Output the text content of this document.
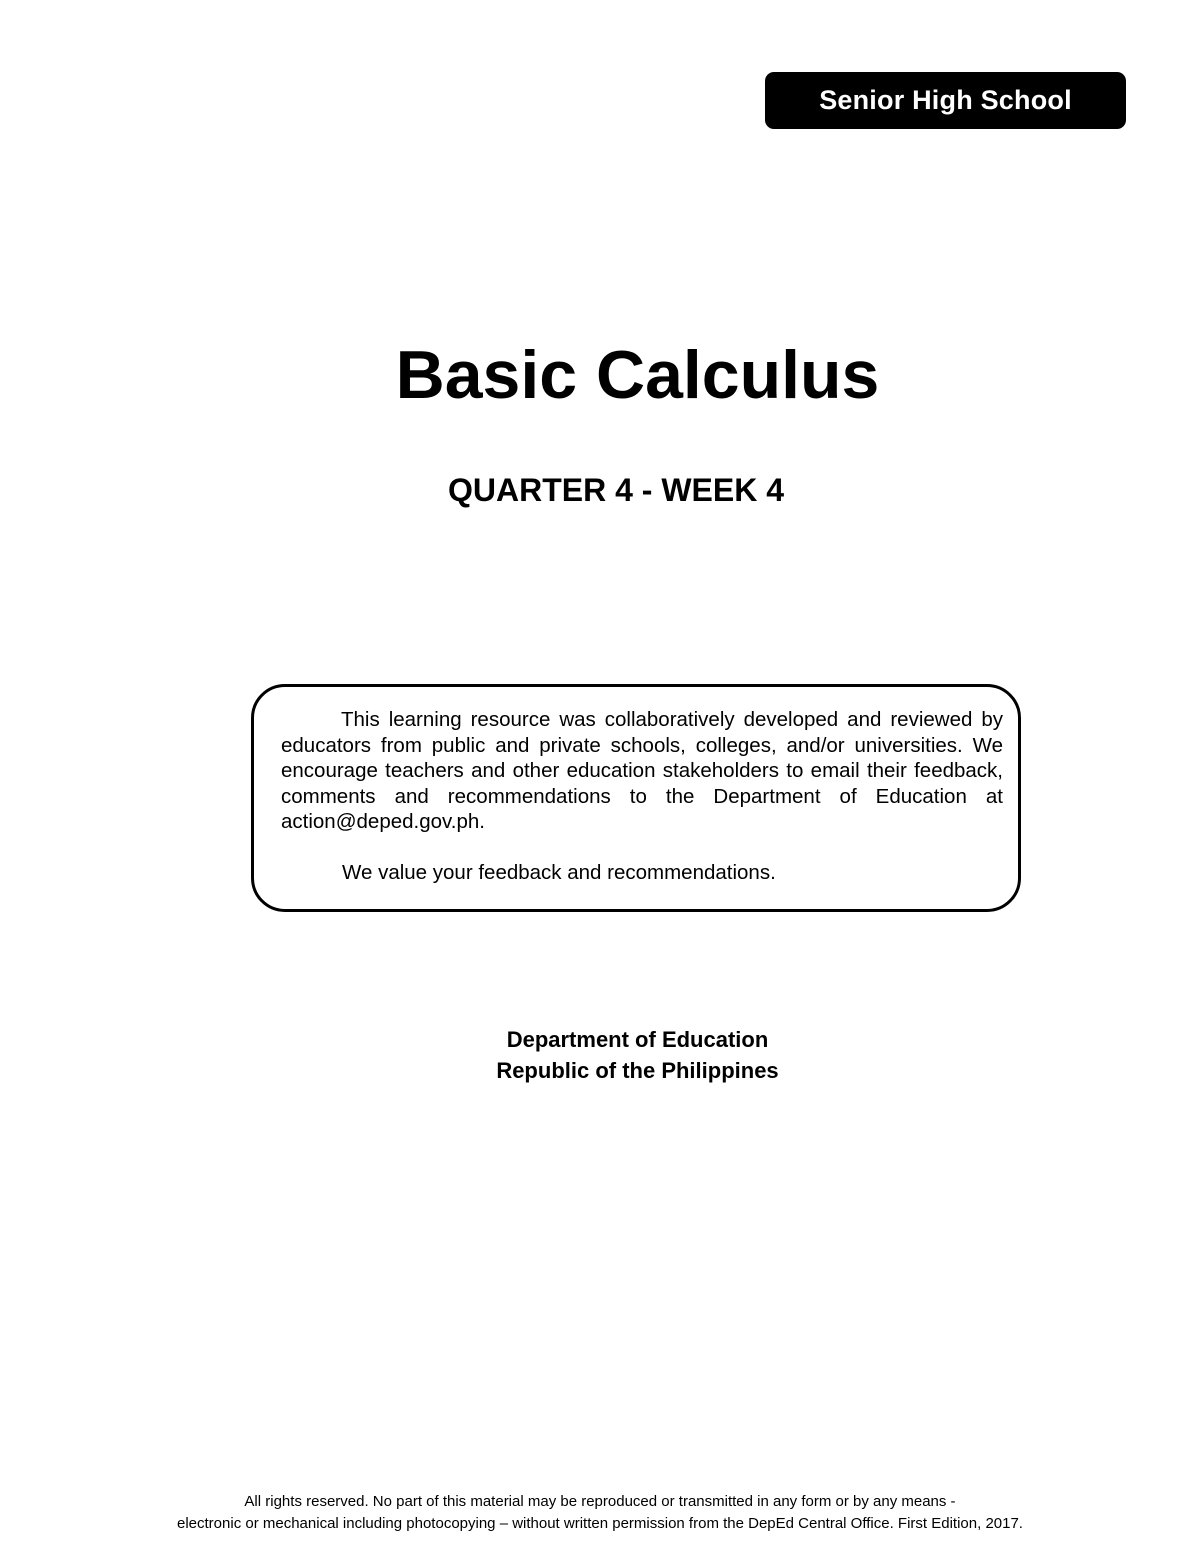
Senior High School
Basic Calculus
QUARTER 4 - WEEK 4

This learning resource was collaboratively developed and reviewed by educators from public and private schools, colleges, and/or universities. We encourage teachers and other education stakeholders to email their feedback, comments and recommendations to the Department of Education at action@deped.gov.ph.

We value your feedback and recommendations.

Department of Education
Republic of the Philippines
All rights reserved. No part of this material may be reproduced or transmitted in any form or by any means -
electronic or mechanical including photocopying – without written permission from the DepEd Central Office. First Edition, 2017.
